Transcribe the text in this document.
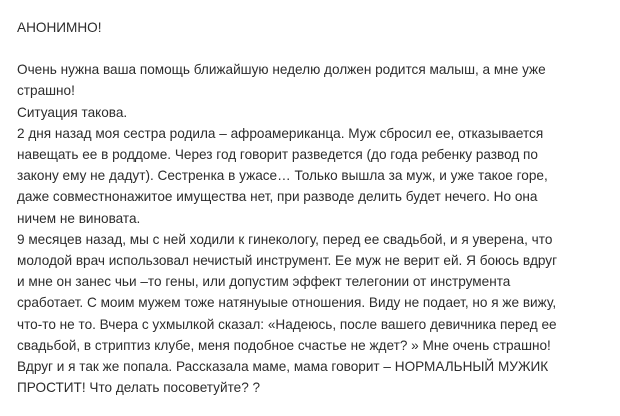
АНОНИМНО!
Очень нужна ваша помощь ближайшую неделю должен родится малыш, а мне уже
страшно!
Ситуация такова.
2 дня назад моя сестра родила – афроамериканца. Муж сбросил ее, отказывается
навещать ее в роддоме. Через год говорит разведется (до года ребенку развод по
закону ему не дадут). Сестренка в ужасе… Только вышла за муж, и уже такое горе,
даже совместнонажитое имущества нет, при разводе делить будет нечего. Но она
ничем не виновата.
9 месяцев назад, мы с ней ходили к гинекологу, перед ее свадьбой, и я уверена, что
молодой врач использовал нечистый инструмент. Ее муж не верит ей. Я боюсь вдруг
и мне он занес чьи –то гены, или допустим эффект телегонии от инструмента
сработает. С моим мужем тоже натянуыые отношения. Виду не подает, но я же вижу,
что-то не то. Вчера с ухмылкой сказал: «Надеюсь, после вашего девичника перед ее
свадьбой, в стриптиз клубе, меня подобное счастье не ждет? » Мне очень страшно!
Вдруг и я так же попала. Рассказала маме, мама говорит – НОРМАЛЬНЫЙ МУЖИК
ПРОСТИТ! Что делать посоветуйте? ?
